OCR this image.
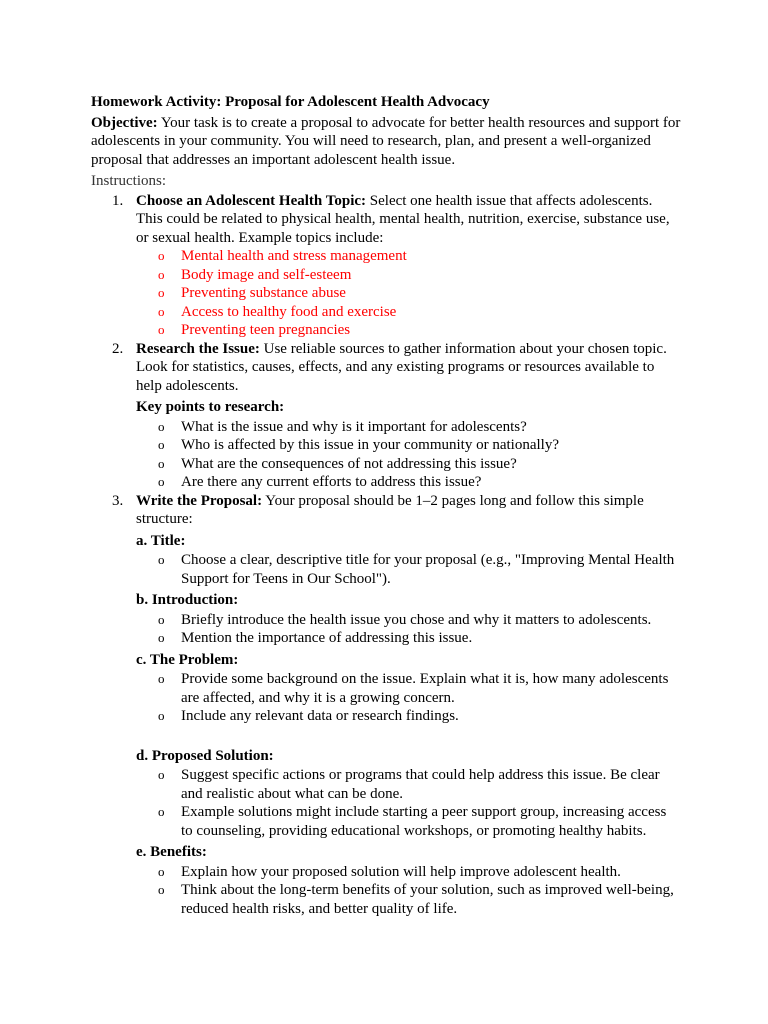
Homework Activity: Proposal for Adolescent Health Advocacy

Objective: Your task is to create a proposal to advocate for better health resources and support for adolescents in your community. You will need to research, plan, and present a well-organized proposal that addresses an important adolescent health issue.

Instructions:

1. Choose an Adolescent Health Topic: Select one health issue that affects adolescents. This could be related to physical health, mental health, nutrition, exercise, substance use, or sexual health. Example topics include:

o Mental health and stress management
o Body image and self-esteem
o Preventing substance abuse
o Access to healthy food and exercise
o Preventing teen pregnancies
2. Research the Issue: Use reliable sources to gather information about your chosen topic. Look for statistics, causes, effects, and any existing programs or resources available to help adolescents.

Key points to research:

o What is the issue and why is it important for adolescents?
o Who is affected by this issue in your community or nationally?
o What are the consequences of not addressing this issue?
o Are there any current efforts to address this issue?
3. Write the Proposal: Your proposal should be 1–2 pages long and follow this simple structure:

a. Title:

o Choose a clear, descriptive title for your proposal (e.g., "Improving Mental Health Support for Teens in Our School").

b. Introduction:

o Briefly introduce the health issue you chose and why it matters to adolescents.
o Mention the importance of addressing this issue.

c. The Problem:

o Provide some background on the issue. Explain what it is, how many adolescents are affected, and why it is a growing concern.
o Include any relevant data or research findings.

d. Proposed Solution:

o Suggest specific actions or programs that could help address this issue. Be clear and realistic about what can be done.
o Example solutions might include starting a peer support group, increasing access to counseling, providing educational workshops, or promoting healthy habits.

e. Benefits:

o Explain how your proposed solution will help improve adolescent health.
o Think about the long-term benefits of your solution, such as improved well-being, reduced health risks, and better quality of life.
